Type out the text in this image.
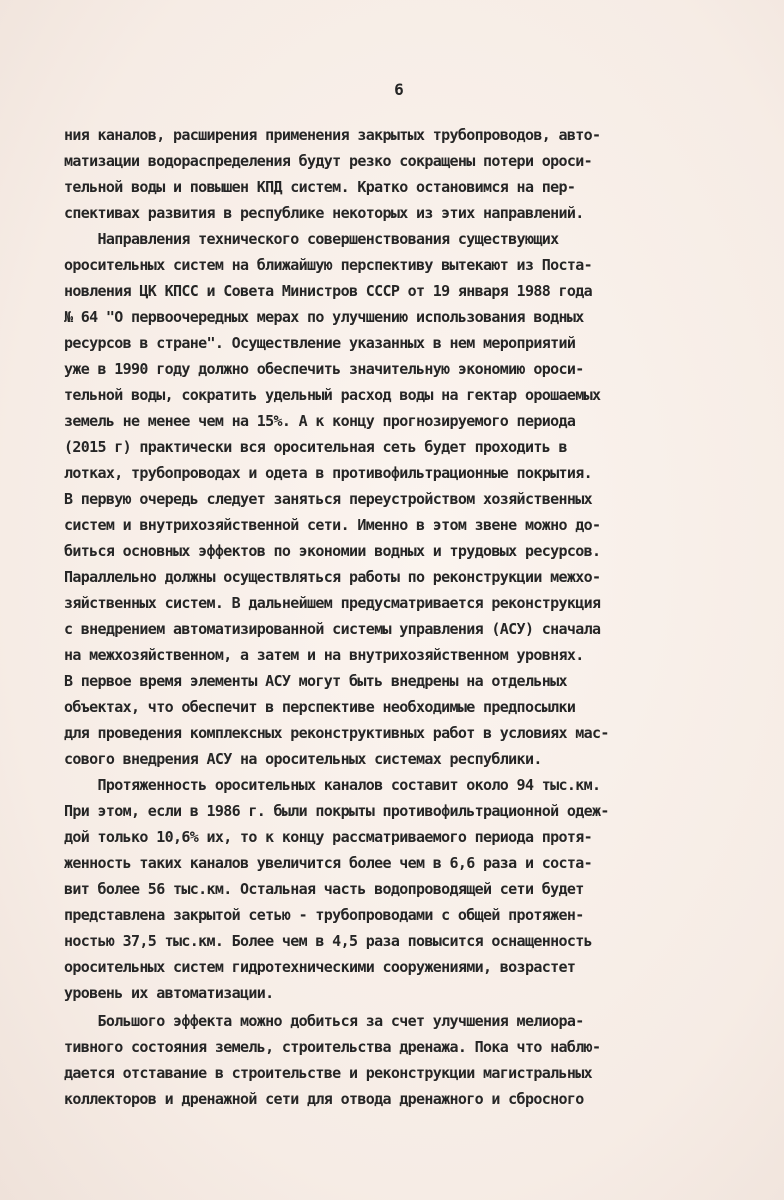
6
ния каналов, расширения применения закрытых трубопроводов, авто-
матизации водораспределения будут резко сокращены потери ороси-
тельной воды и повышен КПД систем. Кратко остановимся на пер-
спективах развития в республике некоторых из этих направлений.
Направления технического совершенствования существующих
оросительных систем на ближайшую перспективу вытекают из Поста-
новления ЦК КПСС и Совета Министров СССР от 19 января 1988 года
№ 64 "О первоочередных мерах по улучшению использования водных
ресурсов в стране". Осуществление указанных в нем мероприятий
уже в 1990 году должно обеспечить значительную экономию ороси-
тельной воды, сократить удельный расход воды на гектар орошаемых
земель не менее чем на 15%. А к концу прогнозируемого периода
(2015 г) практически вся оросительная сеть будет проходить в
лотках, трубопроводах и одета в противофильтрационные покрытия.
В первую очередь следует заняться переустройством хозяйственных
систем и внутрихозяйственной сети. Именно в этом звене можно до-
биться основных эффектов по экономии водных и трудовых ресурсов.
Параллельно должны осуществляться работы по реконструкции межхо-
зяйственных систем. В дальнейшем предусматривается реконструкция
с внедрением автоматизированной системы управления (АСУ) сначала
на межхозяйственном, а затем и на внутрихозяйственном уровнях.
В первое время элементы АСУ могут быть внедрены на отдельных
объектах, что обеспечит в перспективе необходимые предпосылки
для проведения комплексных реконструктивных работ в условиях мас-
сового внедрения АСУ на оросительных системах республики.
Протяженность оросительных каналов составит около 94 тыс.км.
При этом, если в 1986 г. были покрыты противофильтрационной одеж-
дой только 10,6% их, то к концу рассматриваемого периода протя-
женность таких каналов увеличится более чем в 6,6 раза и соста-
вит более 56 тыс.км. Остальная часть водопроводящей сети будет
представлена закрытой сетью - трубопроводами с общей протяжен-
ностью 37,5 тыс.км. Более чем в 4,5 раза повысится оснащенность
оросительных систем гидротехническими сооружениями, возрастет
уровень их автоматизации.
Большого эффекта можно добиться за счет улучшения мелиора-
тивного состояния земель, строительства дренажа. Пока что наблю-
дается отставание в строительстве и реконструкции магистральных
коллекторов и дренажной сети для отвода дренажного и сбросного
